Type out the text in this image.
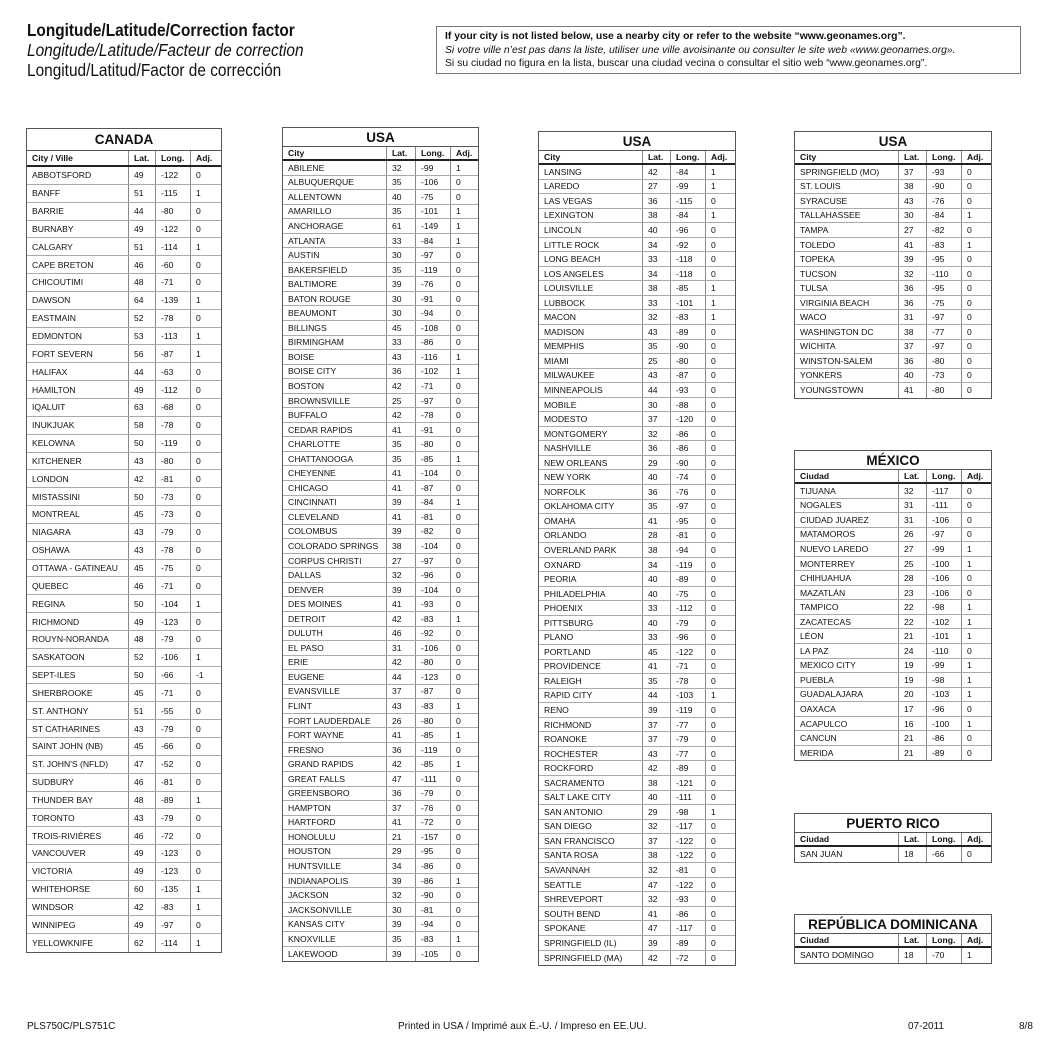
Longitude/Latitude/Correction factor
Longitude/Latitude/Facteur de correction
Longitud/Latitud/Factor de corrección
If your city is not listed below, use a nearby city or refer to the website “www.geonames.org”.
Si votre ville n’est pas dans la liste, utiliser une ville avoisinante ou consulter le site web «www.geonames.org».
Si su ciudad no figura en la lista, buscar una ciudad vecina o consultar el sitio web “www.geonames.org”.
CANADA
City / Ville	Lat.	Long.	Adj.
ABBOTSFORD	49	-122	0
BANFF	51	-115	1
BARRIE	44	-80	0
BURNABY	49	-122	0
CALGARY	51	-114	1
CAPE BRETON	46	-60	0
CHICOUTIMI	48	-71	0
DAWSON	64	-139	1
EASTMAIN	52	-78	0
EDMONTON	53	-113	1
FORT SEVERN	56	-87	1
HALIFAX	44	-63	0
HAMILTON	49	-112	0
IQALUIT	63	-68	0
INUKJUAK	58	-78	0
KELOWNA	50	-119	0
KITCHENER	43	-80	0
LONDON	42	-81	0
MISTASSINI	50	-73	0
MONTREAL	45	-73	0
NIAGARA	43	-79	0
OSHAWA	43	-78	0
OTTAWA - GATINEAU	45	-75	0
QUEBEC	46	-71	0
REGINA	50	-104	1
RICHMOND	49	-123	0
ROUYN-NORANDA	48	-79	0
SASKATOON	52	-106	1
SEPT-ILES	50	-66	-1
SHERBROOKE	45	-71	0
ST. ANTHONY	51	-55	0
ST CATHARINES	43	-79	0
SAINT JOHN (NB)	45	-66	0
ST. JOHN'S (NFLD)	47	-52	0
SUDBURY	46	-81	0
THUNDER BAY	48	-89	1
TORONTO	43	-79	0
TROIS-RIVIÈRES	46	-72	0
VANCOUVER	49	-123	0
VICTORIA	49	-123	0
WHITEHORSE	60	-135	1
WINDSOR	42	-83	1
WINNIPEG	49	-97	0
YELLOWKNIFE	62	-114	1
USA
City	Lat.	Long.	Adj.
ABILENE	32	-99	1
ALBUQUERQUE	35	-106	0
ALLENTOWN	40	-75	0
AMARILLO	35	-101	1
ANCHORAGE	61	-149	1
ATLANTA	33	-84	1
AUSTIN	30	-97	0
BAKERSFIELD	35	-119	0
BALTIMORE	39	-76	0
BATON ROUGE	30	-91	0
BEAUMONT	30	-94	0
BILLINGS	45	-108	0
BIRMINGHAM	33	-86	0
BOISE	43	-116	1
BOISE CITY	36	-102	1
BOSTON	42	-71	0
BROWNSVILLE	25	-97	0
BUFFALO	42	-78	0
CEDAR RAPIDS	41	-91	0
CHARLOTTE	35	-80	0
CHATTANOOGA	35	-85	1
CHEYENNE	41	-104	0
CHICAGO	41	-87	0
CINCINNATI	39	-84	1
CLEVELAND	41	-81	0
COLOMBUS	39	-82	0
COLORADO SPRINGS	38	-104	0
CORPUS CHRISTI	27	-97	0
DALLAS	32	-96	0
DENVER	39	-104	0
DES MOINES	41	-93	0
DETROIT	42	-83	1
DULUTH	46	-92	0
EL PASO	31	-106	0
ERIE	42	-80	0
EUGENE	44	-123	0
EVANSVILLE	37	-87	0
FLINT	43	-83	1
FORT LAUDERDALE	26	-80	0
FORT WAYNE	41	-85	1
FRESNO	36	-119	0
GRAND RAPIDS	42	-85	1
GREAT FALLS	47	-111	0
GREENSBORO	36	-79	0
HAMPTON	37	-76	0
HARTFORD	41	-72	0
HONOLULU	21	-157	0
HOUSTON	29	-95	0
HUNTSVILLE	34	-86	0
INDIANAPOLIS	39	-86	1
JACKSON	32	-90	0
JACKSONVILLE	30	-81	0
KANSAS CITY	39	-94	0
KNOXVILLE	35	-83	1
LAKEWOOD	39	-105	0
USA
City	Lat.	Long.	Adj.
LANSING	42	-84	1
LAREDO	27	-99	1
LAS VEGAS	36	-115	0
LEXINGTON	38	-84	1
LINCOLN	40	-96	0
LITTLE ROCK	34	-92	0
LONG BEACH	33	-118	0
LOS ANGELES	34	-118	0
LOUISVILLE	38	-85	1
LUBBOCK	33	-101	1
MACON	32	-83	1
MADISON	43	-89	0
MEMPHIS	35	-90	0
MIAMI	25	-80	0
MILWAUKEE	43	-87	0
MINNEAPOLIS	44	-93	0
MOBILE	30	-88	0
MODESTO	37	-120	0
MONTGOMERY	32	-86	0
NASHVILLE	36	-86	0
NEW ORLEANS	29	-90	0
NEW YORK	40	-74	0
NORFOLK	36	-76	0
OKLAHOMA CITY	35	-97	0
OMAHA	41	-95	0
ORLANDO	28	-81	0
OVERLAND PARK	38	-94	0
OXNARD	34	-119	0
PEORIA	40	-89	0
PHILADELPHIA	40	-75	0
PHOENIX	33	-112	0
PITTSBURG	40	-79	0
PLANO	33	-96	0
PORTLAND	45	-122	0
PROVIDENCE	41	-71	0
RALEIGH	35	-78	0
RAPID CITY	44	-103	1
RENO	39	-119	0
RICHMOND	37	-77	0
ROANOKE	37	-79	0
ROCHESTER	43	-77	0
ROCKFORD	42	-89	0
SACRAMENTO	38	-121	0
SALT LAKE CITY	40	-111	0
SAN ANTONIO	29	-98	1
SAN DIEGO	32	-117	0
SAN FRANCISCO	37	-122	0
SANTA ROSA	38	-122	0
SAVANNAH	32	-81	0
SEATTLE	47	-122	0
SHREVEPORT	32	-93	0
SOUTH BEND	41	-86	0
SPOKANE	47	-117	0
SPRINGFIELD (IL)	39	-89	0
SPRINGFIELD (MA)	42	-72	0
USA
City	Lat.	Long.	Adj.
SPRINGFIELD (MO)	37	-93	0
ST. LOUIS	38	-90	0
SYRACUSE	43	-76	0
TALLAHASSEE	30	-84	1
TAMPA	27	-82	0
TOLEDO	41	-83	1
TOPEKA	39	-95	0
TUCSON	32	-110	0
TULSA	36	-95	0
VIRGINIA BEACH	36	-75	0
WACO	31	-97	0
WASHINGTON DC	38	-77	0
WICHITA	37	-97	0
WINSTON-SALEM	36	-80	0
YONKERS	40	-73	0
YOUNGSTOWN	41	-80	0
MÉXICO
Ciudad	Lat.	Long.	Adj.
TIJUANA	32	-117	0
NOGALES	31	-111	0
CIUDAD JUAREZ	31	-106	0
MATAMOROS	26	-97	0
NUEVO LAREDO	27	-99	1
MONTERREY	25	-100	1
CHIHUAHUA	28	-106	0
MAZATLÁN	23	-106	0
TAMPICO	22	-98	1
ZACATECAS	22	-102	1
LÉON	21	-101	1
LA PAZ	24	-110	0
MEXICO CITY	19	-99	1
PUEBLA	19	-98	1
GUADALAJARA	20	-103	1
OAXACA	17	-96	0
ACAPULCO	16	-100	1
CANCUN	21	-86	0
MERIDA	21	-89	0
PUERTO RICO
Ciudad	Lat.	Long.	Adj.
SAN JUAN	18	-66	0
REPÚBLICA DOMINICANA
Ciudad	Lat.	Long.	Adj.
SANTO DOMINGO	18	-70	1
PLS750C/PLS751C	Printed in USA / Imprimé aux É.-U. / Impreso en EE.UU.	07-2011	8/8
